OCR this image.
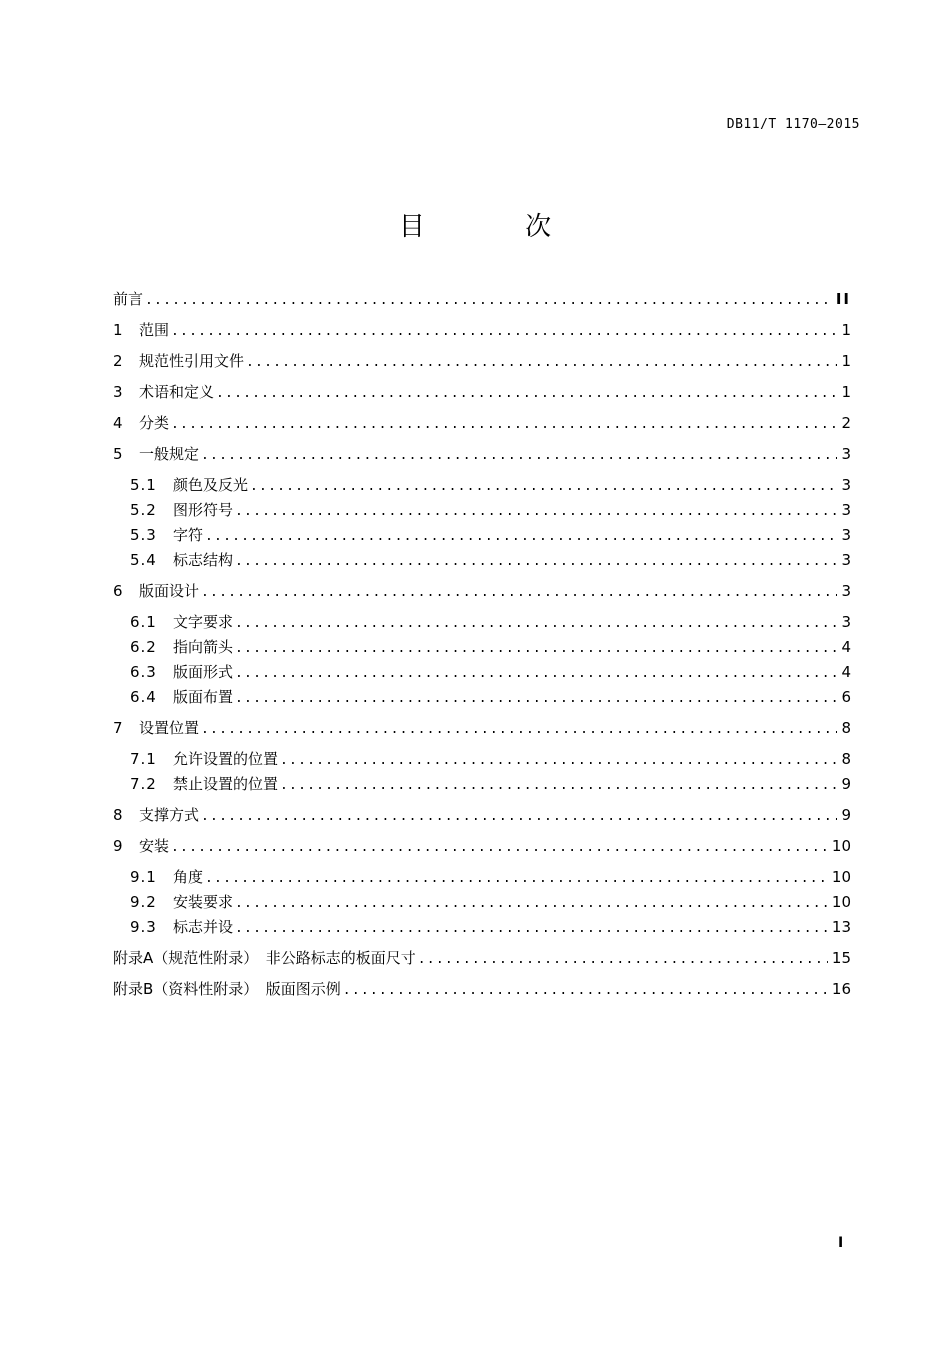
DB11/T 1170—2015
目 次
前言 .....	II
1	范围 .....	1
2	规范性引用文件 .....	1
3	术语和定义 .....	1
4	分类 .....	2
5	一般规定 .....	3
5.1	颜色及反光 .....	3
5.2	图形符号 .....	3
5.3	字符 .....	3
5.4	标志结构 .....	3
6	版面设计 .....	3
6.1	文字要求 .....	3
6.2	指向箭头 .....	4
6.3	版面形式 .....	4
6.4	版面布置 .....	6
7	设置位置 .....	8
7.1	允许设置的位置 .....	8
7.2	禁止设置的位置 .....	9
8	支撑方式 .....	9
9	安装 .....	10
9.1	角度 .....	10
9.2	安装要求 .....	10
9.3	标志并设 .....	13
附录A（规范性附录）　非公路标志的板面尺寸 .....	15
附录B（资料性附录）　版面图示例 .....	16
I
